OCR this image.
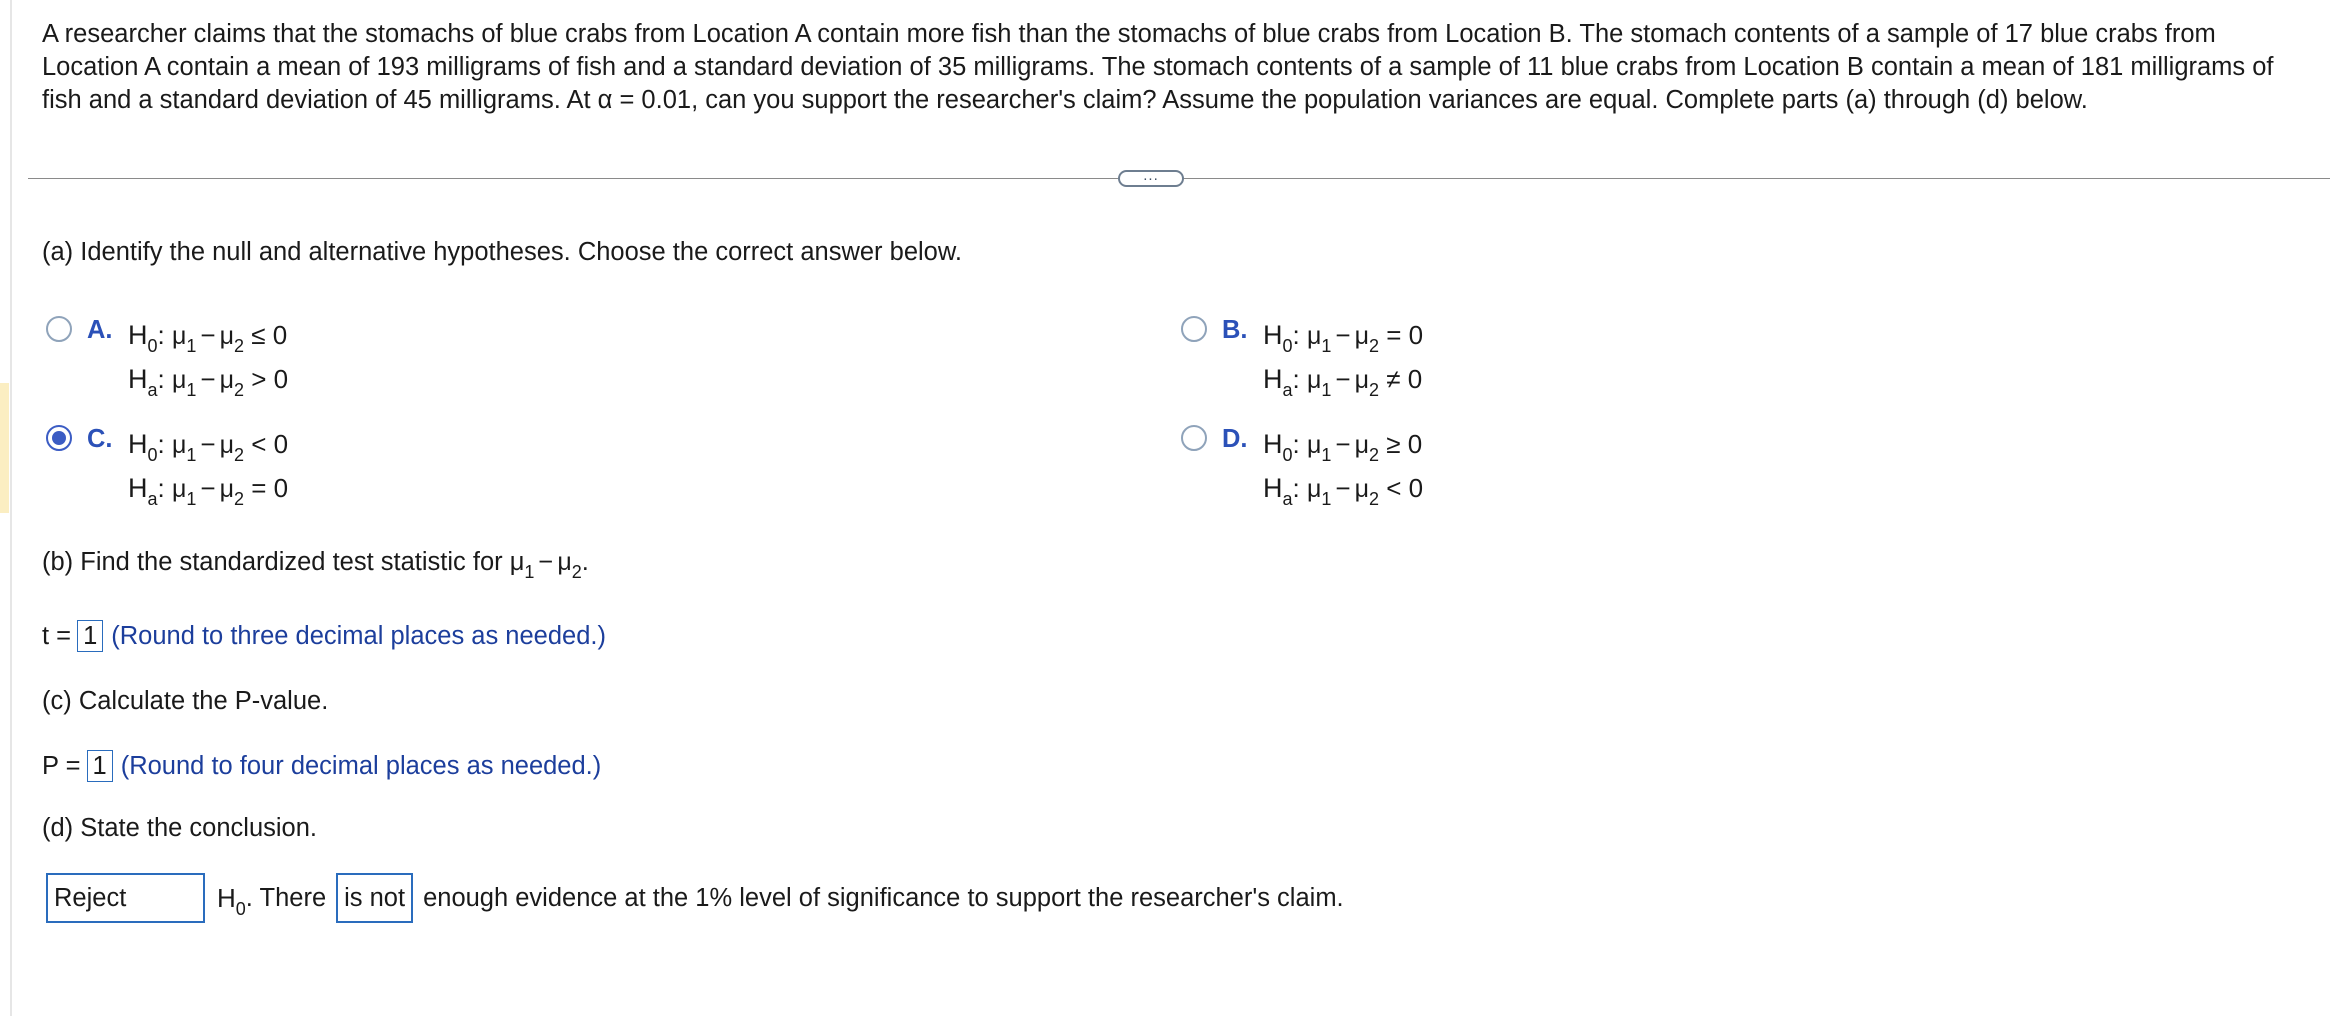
A researcher claims that the stomachs of blue crabs from Location A contain more fish than the stomachs of blue crabs from Location B. The stomach contents of a sample of 17 blue crabs from Location A contain a mean of 193 milligrams of fish and a standard deviation of 35 milligrams. The stomach contents of a sample of 11 blue crabs from Location B contain a mean of 181 milligrams of fish and a standard deviation of 45 milligrams. At α = 0.01, can you support the researcher's claim? Assume the population variances are equal. Complete parts (a) through (d) below.
...
(a) Identify the null and alternative hypotheses. Choose the correct answer below.
A. $H_0$: $\mu_1 - \mu_2 \le 0$
$H_a$: $\mu_1 - \mu_2 > 0$
B. $H_0$: $\mu_1 - \mu_2 = 0$
$H_a$: $\mu_1 - \mu_2 \ne 0$
C. $H_0$: $\mu_1 - \mu_2 < 0$
$H_a$: $\mu_1 - \mu_2 = 0$
D. $H_0$: $\mu_1 - \mu_2 \ge 0$
$H_a$: $\mu_1 - \mu_2 < 0$
(b) Find the standardized test statistic for $\mu_1 - \mu_2$.
t = 1 (Round to three decimal places as needed.)
(c) Calculate the P-value.
P = 1 (Round to four decimal places as needed.)
(d) State the conclusion.
Reject	$H_0$ . There is not enough evidence at the 1% level of significance to support the researcher's claim.
